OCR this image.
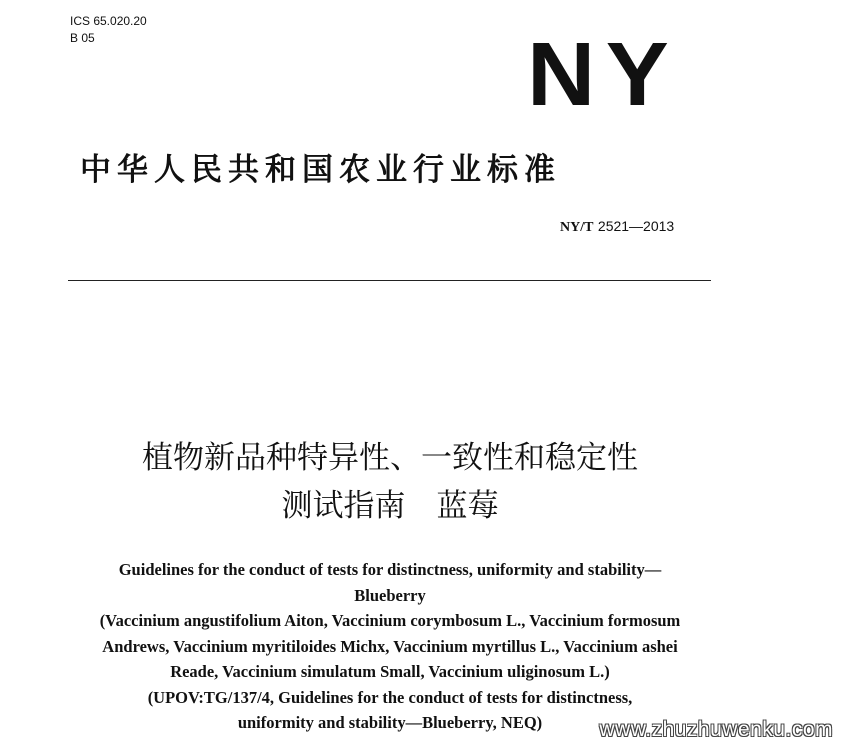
ICS 65.020.20
B 05	NY
中华人民共和国农业行业标准
NY/T 2521—2013
植物新品种特异性、一致性和稳定性
测试指南　蓝莓
Guidelines for the conduct of tests for distinctness, uniformity and stability—
Blueberry
(Vaccinium angustifolium Aiton, Vaccinium corymbosum L., Vaccinium formosum
Andrews, Vaccinium myritiloides Michx, Vaccinium myrtillus L., Vaccinium ashei
Reade, Vaccinium simulatum Small, Vaccinium uliginosum L.)
(UPOV:TG/137/4, Guidelines for the conduct of tests for distinctness,
uniformity and stability—Blueberry, NEQ)	www.zhuzhuwenku.com
